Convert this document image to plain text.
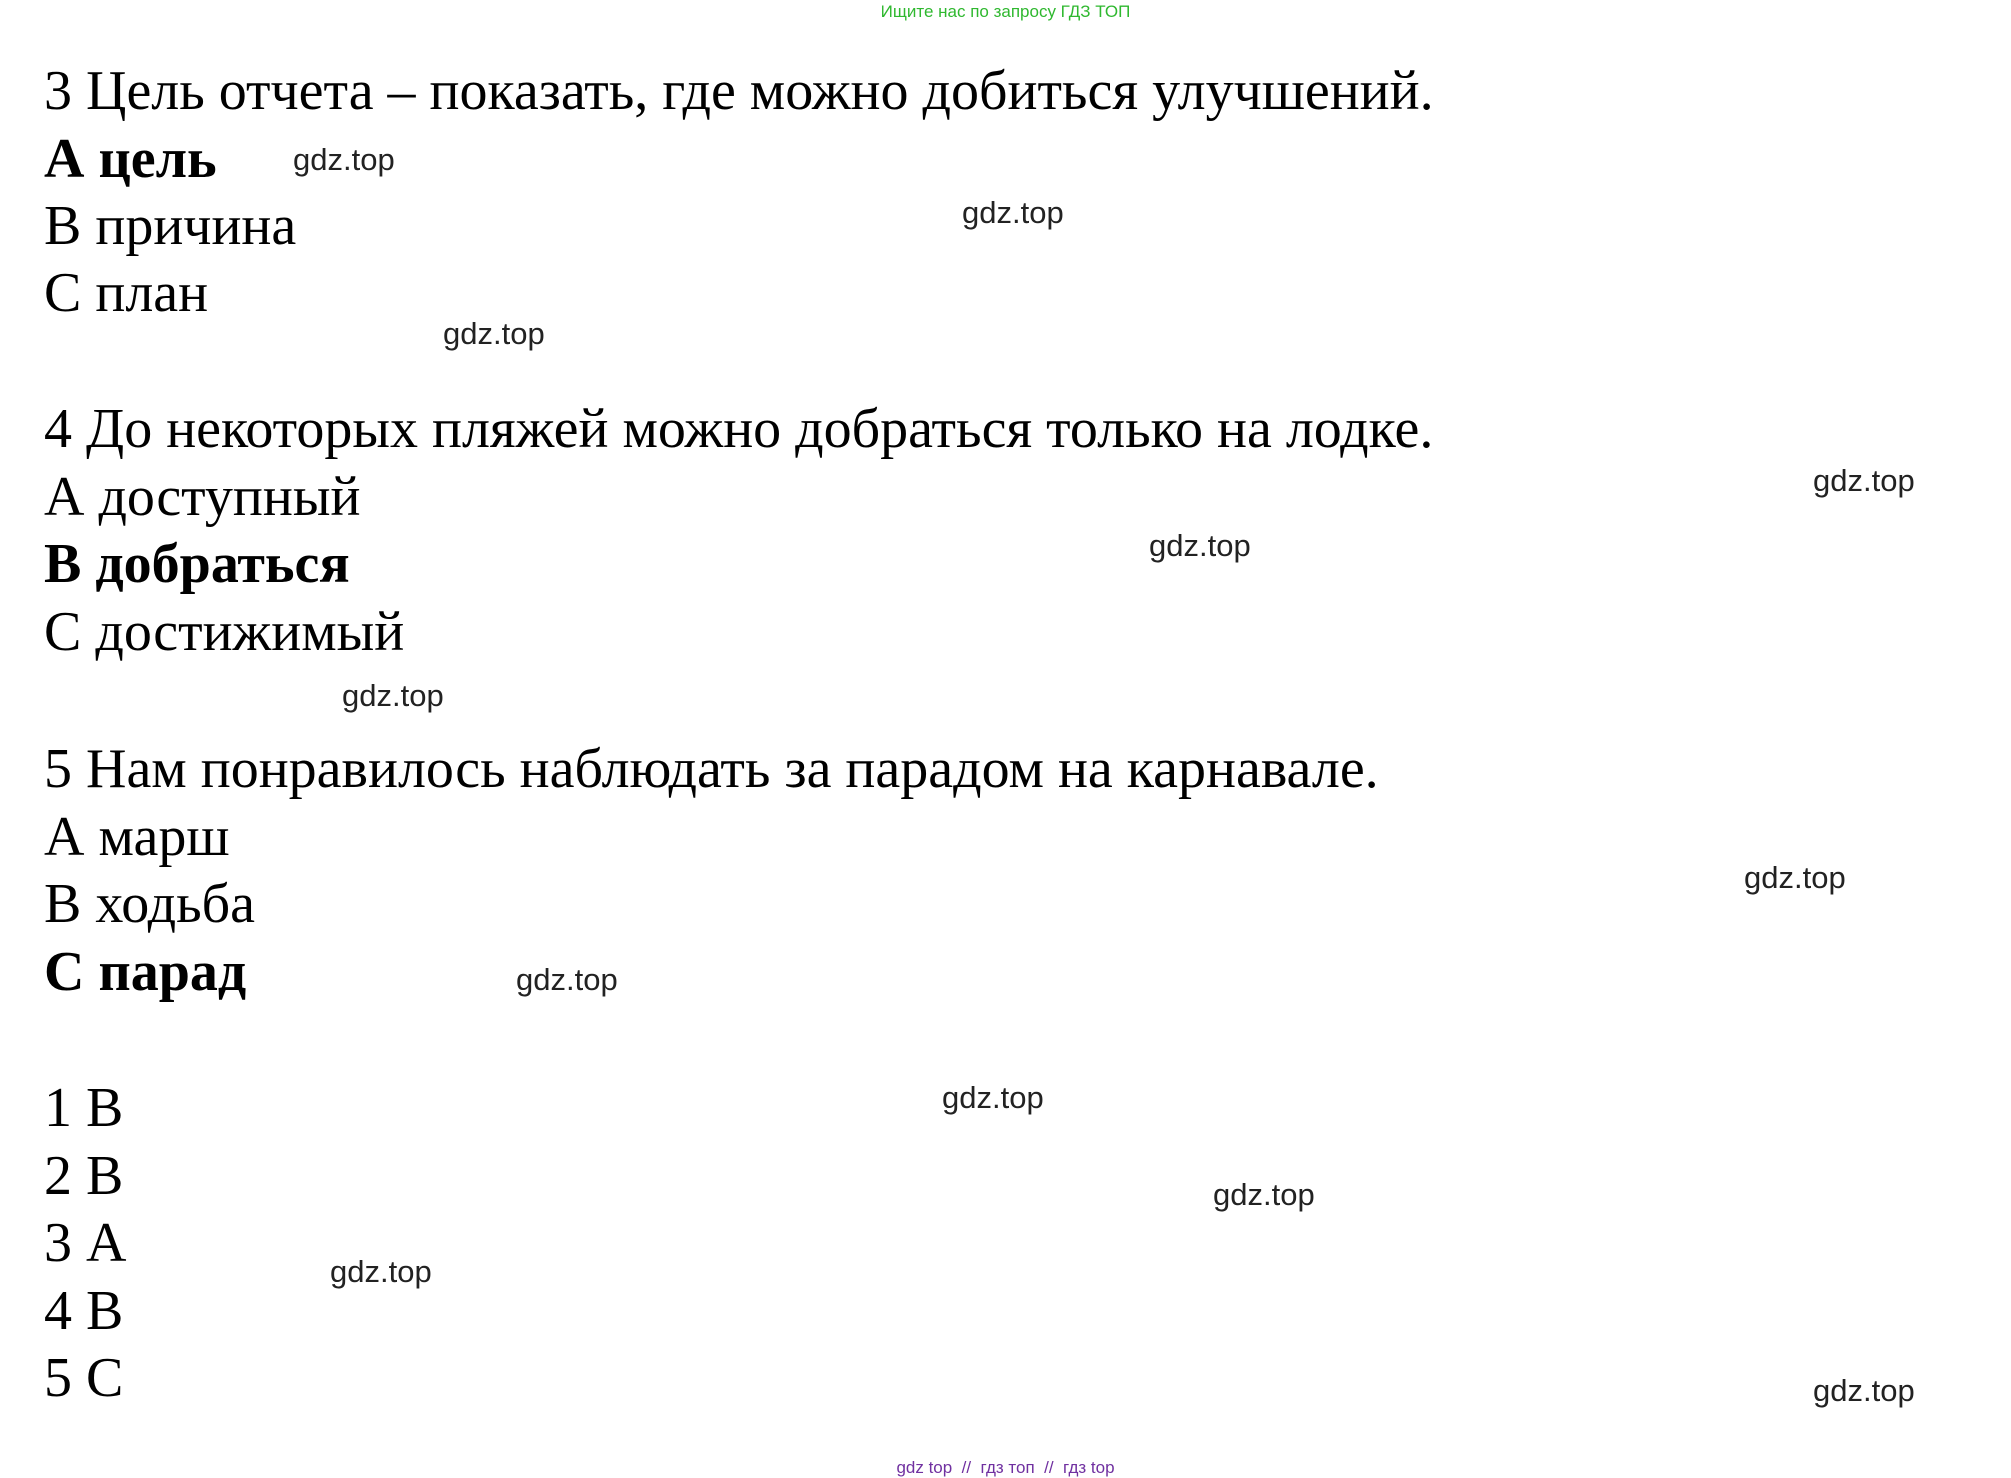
Ищите нас по запросу ГДЗ ТОП
3 Цель отчета – показать, где можно добиться улучшений.
А цель
B причина
С план
4 До некоторых пляжей можно добраться только на лодке.
А доступный
В добраться
С достижимый
5 Нам понравилось наблюдать за парадом на карнавале.
А марш
B ходьба
С парад
1 В
2 B
3 А
4 B
5 С
gdz.top
gdz.top
gdz.top
gdz.top
gdz.top
gdz.top
gdz.top
gdz.top
gdz.top
gdz.top
gdz.top
gdz.top
gdz top  //  гдз топ  //  гдз top
